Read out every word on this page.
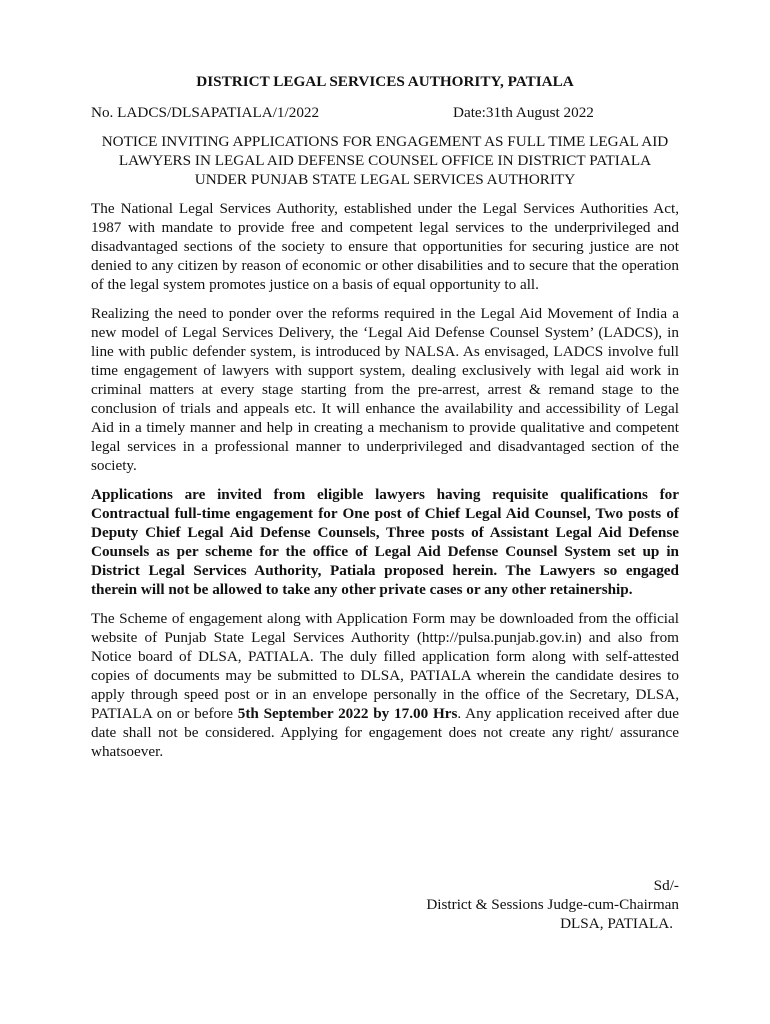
DISTRICT LEGAL SERVICES AUTHORITY, PATIALA
No. LADCS/DLSAPATIALA/1/2022	Date:31th August 2022
NOTICE INVITING APPLICATIONS FOR ENGAGEMENT AS FULL TIME LEGAL AID LAWYERS IN LEGAL AID DEFENSE COUNSEL OFFICE IN DISTRICT PATIALA UNDER PUNJAB STATE LEGAL SERVICES AUTHORITY

The National Legal Services Authority, established under the Legal Services Authorities Act, 1987 with mandate to provide free and competent legal services to the underprivileged and disadvantaged sections of the society to ensure that opportunities for securing justice are not denied to any citizen by reason of economic or other disabilities and to secure that the operation of the legal system promotes justice on a basis of equal opportunity to all.

Realizing the need to ponder over the reforms required in the Legal Aid Movement of India a new model of Legal Services Delivery, the ‘Legal Aid Defense Counsel System’ (LADCS), in line with public defender system, is introduced by NALSA. As envisaged, LADCS involve full time engagement of lawyers with support system, dealing exclusively with legal aid work in criminal matters at every stage starting from the pre-arrest, arrest & remand stage to the conclusion of trials and appeals etc. It will enhance the availability and accessibility of Legal Aid in a timely manner and help in creating a mechanism to provide qualitative and competent legal services in a professional manner to underprivileged and disadvantaged section of the society.

Applications are invited from eligible lawyers having requisite qualifications for Contractual full-time engagement for One post of Chief Legal Aid Counsel, Two posts of Deputy Chief Legal Aid Defense Counsels, Three posts of Assistant Legal Aid Defense Counsels as per scheme for the office of Legal Aid Defense Counsel System set up in District Legal Services Authority, Patiala proposed herein. The Lawyers so engaged therein will not be allowed to take any other private cases or any other retainership.

The Scheme of engagement along with Application Form may be downloaded from the official website of Punjab State Legal Services Authority (http://pulsa.punjab.gov.in) and also from Notice board of DLSA, PATIALA. The duly filled application form along with self-attested copies of documents may be submitted to DLSA, PATIALA wherein the candidate desires to apply through speed post or in an envelope personally in the office of the Secretary, DLSA, PATIALA on or before 5th September 2022 by 17.00 Hrs. Any application received after due date shall not be considered. Applying for engagement does not create any right/ assurance whatsoever.

Sd/-
District & Sessions Judge-cum-Chairman
DLSA, PATIALA.
